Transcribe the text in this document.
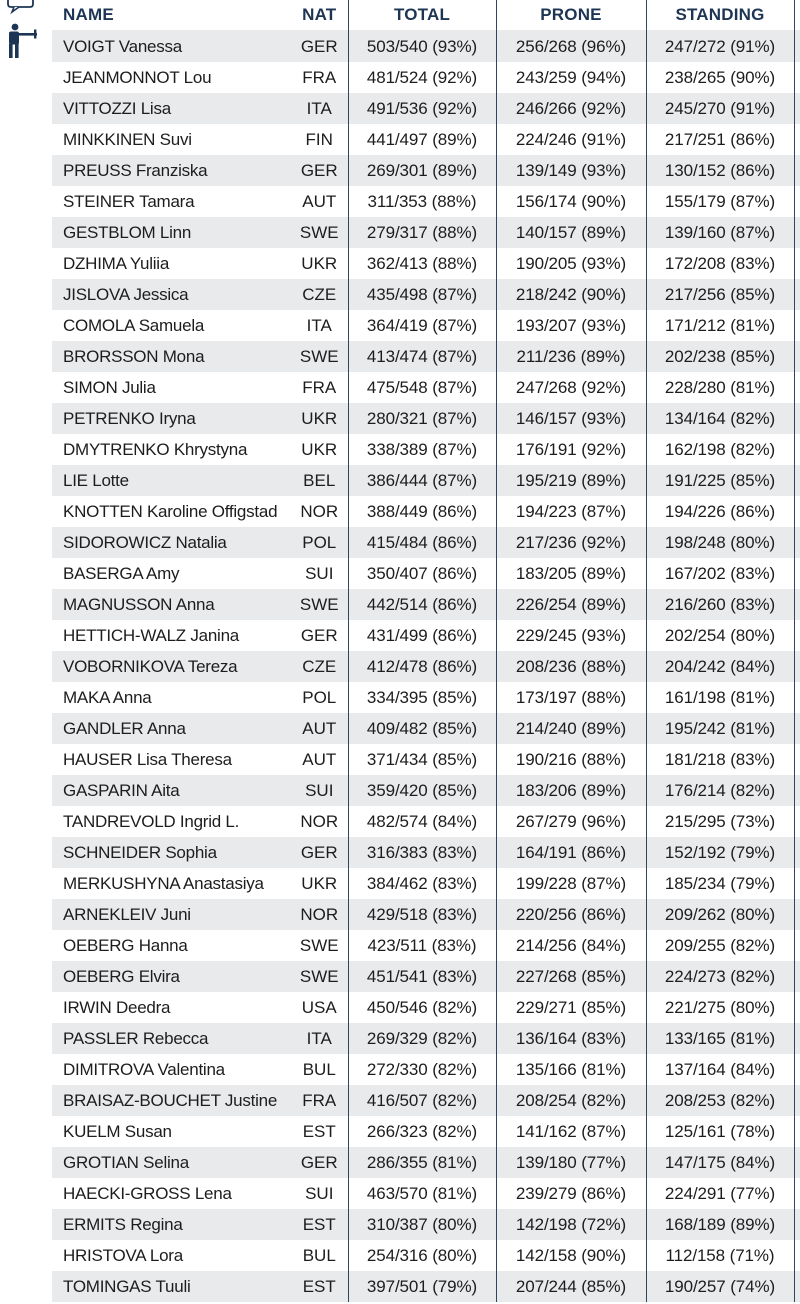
NAME	NAT	TOTAL	PRONE	STANDING	
VOIGT Vanessa	GER	503/540 (93%)	256/268 (96%)	247/272 (91%)	
JEANMONNOT Lou	FRA	481/524 (92%)	243/259 (94%)	238/265 (90%)	
VITTOZZI Lisa	ITA	491/536 (92%)	246/266 (92%)	245/270 (91%)	
MINKKINEN Suvi	FIN	441/497 (89%)	224/246 (91%)	217/251 (86%)	
PREUSS Franziska	GER	269/301 (89%)	139/149 (93%)	130/152 (86%)	
STEINER Tamara	AUT	311/353 (88%)	156/174 (90%)	155/179 (87%)	
GESTBLOM Linn	SWE	279/317 (88%)	140/157 (89%)	139/160 (87%)	
DZHIMA Yuliia	UKR	362/413 (88%)	190/205 (93%)	172/208 (83%)	
JISLOVA Jessica	CZE	435/498 (87%)	218/242 (90%)	217/256 (85%)	
COMOLA Samuela	ITA	364/419 (87%)	193/207 (93%)	171/212 (81%)	
BRORSSON Mona	SWE	413/474 (87%)	211/236 (89%)	202/238 (85%)	
SIMON Julia	FRA	475/548 (87%)	247/268 (92%)	228/280 (81%)	
PETRENKO Iryna	UKR	280/321 (87%)	146/157 (93%)	134/164 (82%)	
DMYTRENKO Khrystyna	UKR	338/389 (87%)	176/191 (92%)	162/198 (82%)	
LIE Lotte	BEL	386/444 (87%)	195/219 (89%)	191/225 (85%)	
KNOTTEN Karoline Offigstad	NOR	388/449 (86%)	194/223 (87%)	194/226 (86%)	
SIDOROWICZ Natalia	POL	415/484 (86%)	217/236 (92%)	198/248 (80%)	
BASERGA Amy	SUI	350/407 (86%)	183/205 (89%)	167/202 (83%)	
MAGNUSSON Anna	SWE	442/514 (86%)	226/254 (89%)	216/260 (83%)	
HETTICH-WALZ Janina	GER	431/499 (86%)	229/245 (93%)	202/254 (80%)	
VOBORNIKOVA Tereza	CZE	412/478 (86%)	208/236 (88%)	204/242 (84%)	
MAKA Anna	POL	334/395 (85%)	173/197 (88%)	161/198 (81%)	
GANDLER Anna	AUT	409/482 (85%)	214/240 (89%)	195/242 (81%)	
HAUSER Lisa Theresa	AUT	371/434 (85%)	190/216 (88%)	181/218 (83%)	
GASPARIN Aita	SUI	359/420 (85%)	183/206 (89%)	176/214 (82%)	
TANDREVOLD Ingrid L.	NOR	482/574 (84%)	267/279 (96%)	215/295 (73%)	
SCHNEIDER Sophia	GER	316/383 (83%)	164/191 (86%)	152/192 (79%)	
MERKUSHYNA Anastasiya	UKR	384/462 (83%)	199/228 (87%)	185/234 (79%)	
ARNEKLEIV Juni	NOR	429/518 (83%)	220/256 (86%)	209/262 (80%)	
OEBERG Hanna	SWE	423/511 (83%)	214/256 (84%)	209/255 (82%)	
OEBERG Elvira	SWE	451/541 (83%)	227/268 (85%)	224/273 (82%)	
IRWIN Deedra	USA	450/546 (82%)	229/271 (85%)	221/275 (80%)	
PASSLER Rebecca	ITA	269/329 (82%)	136/164 (83%)	133/165 (81%)	
DIMITROVA Valentina	BUL	272/330 (82%)	135/166 (81%)	137/164 (84%)	
BRAISAZ-BOUCHET Justine	FRA	416/507 (82%)	208/254 (82%)	208/253 (82%)	
KUELM Susan	EST	266/323 (82%)	141/162 (87%)	125/161 (78%)	
GROTIAN Selina	GER	286/355 (81%)	139/180 (77%)	147/175 (84%)	
HAECKI-GROSS Lena	SUI	463/570 (81%)	239/279 (86%)	224/291 (77%)	
ERMITS Regina	EST	310/387 (80%)	142/198 (72%)	168/189 (89%)	
HRISTOVA Lora	BUL	254/316 (80%)	142/158 (90%)	112/158 (71%)	
TOMINGAS Tuuli	EST	397/501 (79%)	207/244 (85%)	190/257 (74%)	
